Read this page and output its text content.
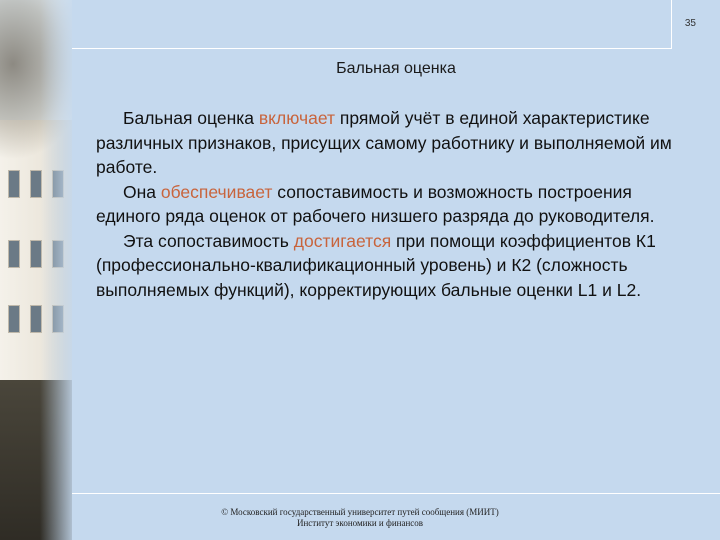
35
Бальная оценка

Бальная оценка включает прямой учёт в единой характеристике различных признаков, присущих самому работнику и выполняемой им работе.

Она обеспечивает сопоставимость и возможность построения единого ряда оценок от рабочего низшего разряда до руководителя.

Эта сопоставимость достигается при помощи коэффициентов К1 (профессионально-квалификационный уровень) и К2 (сложность выполняемых функций), корректирующих бальные оценки L1 и L2.

© Московский государственный университет путей сообщения (МИИТ)
Институт экономики и финансов
